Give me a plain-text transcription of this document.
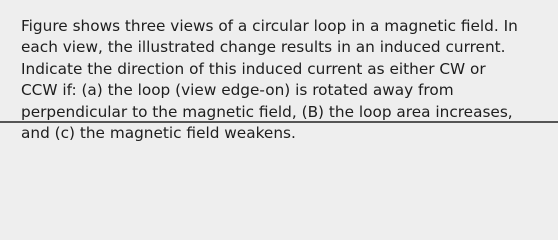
Figure shows three views of a circular loop in a magnetic field. In
each view, the illustrated change results in an induced current.
Indicate the direction of this induced current as either CW or
CCW if: (a) the loop (view edge-on) is rotated away from
perpendicular to the magnetic field, (B) the loop area increases,
and (c) the magnetic field weakens.
